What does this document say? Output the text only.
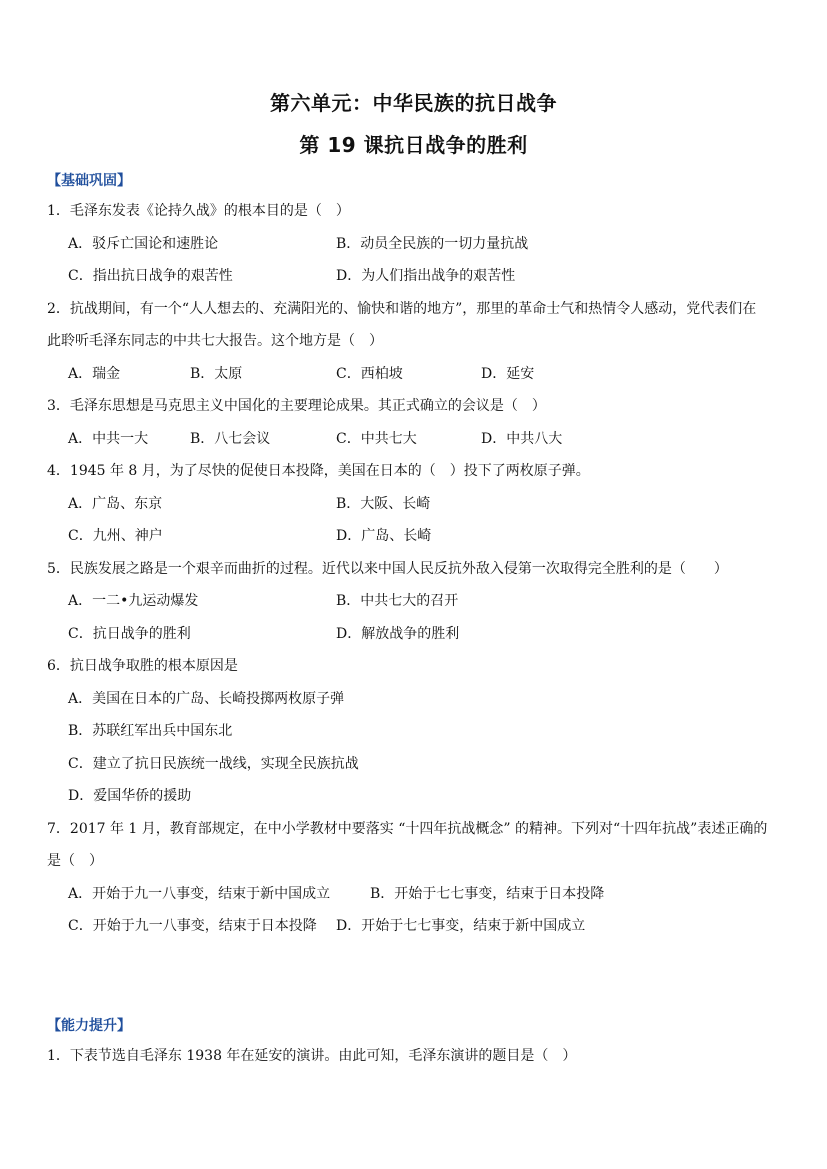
第六单元：中华民族的抗日战争
第 19 课抗日战争的胜利
【基础巩固】
1．毛泽东发表《论持久战》的根本目的是（　）
A．驳斥亡国论和速胜论	B．动员全民族的一切力量抗战
C．指出抗日战争的艰苦性	D．为人们指出战争的艰苦性
2．抗战期间，有一个“人人想去的、充满阳光的、愉快和谐的地方”，那里的革命士气和热情令人感动，党代表们在
此聆听毛泽东同志的中共七大报告。这个地方是（　）
A．瑞金	B．太原	C．西柏坡	D．延安
3．毛泽东思想是马克思主义中国化的主要理论成果。其正式确立的会议是（　）
A．中共一大	B．八七会议	C．中共七大	D．中共八大
4．1945 年 8 月，为了尽快的促使日本投降，美国在日本的（　）投下了两枚原子弹。
A．广岛、东京	B．大阪、长崎
C．九州、神户	D．广岛、长崎
5．民族发展之路是一个艰辛而曲折的过程。近代以来中国人民反抗外敌入侵第一次取得完全胜利的是（　　）
A．一二•九运动爆发	B．中共七大的召开
C．抗日战争的胜利	D．解放战争的胜利
6．抗日战争取胜的根本原因是
A．美国在日本的广岛、长崎投掷两枚原子弹
B．苏联红军出兵中国东北
C．建立了抗日民族统一战线，实现全民族抗战
D．爱国华侨的援助
7．2017 年 1 月，教育部规定，在中小学教材中要落实 “十四年抗战概念” 的精神。下列对“十四年抗战”表述正确的
是（　）
A．开始于九一八事变，结束于新中国成立	B．开始于七七事变，结束于日本投降
C．开始于九一八事变，结束于日本投降 D．开始于七七事变，结束于新中国成立
【能力提升】
1．下表节选自毛泽东 1938 年在延安的演讲。由此可知，毛泽东演讲的题目是（　）
